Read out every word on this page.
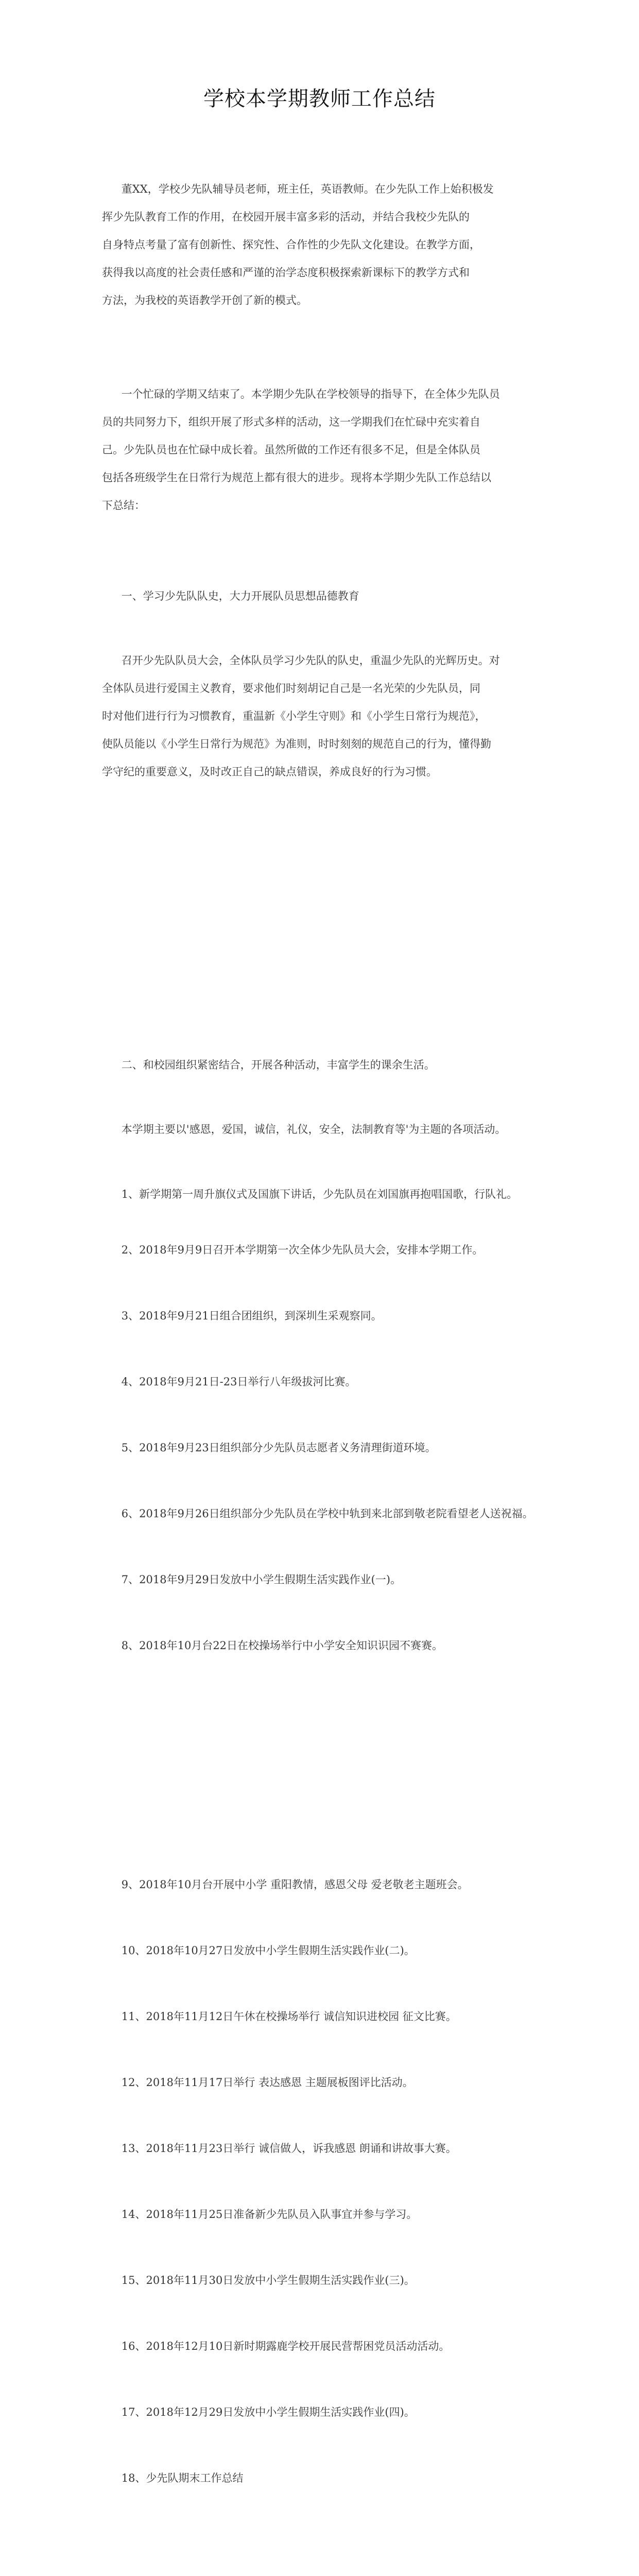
学校本学期教师工作总结
董XX，学校少先队辅导员老师，班主任，英语教师。在少先队工作上始积极发
挥少先队教育工作的作用，在校园开展丰富多彩的活动，并结合我校少先队的
自身特点考量了富有创新性、探究性、合作性的少先队文化建设。在教学方面，
获得我以高度的社会责任感和严谨的治学态度积极探索新课标下的教学方式和
方法，为我校的英语教学开创了新的模式。
一个忙碌的学期又结束了。本学期少先队在学校领导的指导下，在全体少先队员
员的共同努力下，组织开展了形式多样的活动，这一学期我们在忙碌中充实着自
己。少先队员也在忙碌中成长着。虽然所做的工作还有很多不足，但是全体队员
包括各班级学生在日常行为规范上都有很大的进步。现将本学期少先队工作总结以
下总结：
一、学习少先队队史，大力开展队员思想品德教育
召开少先队队员大会，全体队员学习少先队的队史，重温少先队的光辉历史。对
全体队员进行爱国主义教育，要求他们时刻胡记自己是一名光荣的少先队员，同
时对他们进行行为习惯教育，重温新《小学生守则》和《小学生日常行为规范》，
使队员能以《小学生日常行为规范》为准则，时时刻刻的规范自己的行为，懂得勤
学守纪的重要意义，及时改正自己的缺点错误，养成良好的行为习惯。
二、和校园组织紧密结合，开展各种活动，丰富学生的课余生活。
本学期主要以'感恩，爱国，诚信，礼仪，安全，法制教育等'为主题的各项活动。
1、新学期第一周升旗仪式及国旗下讲话，少先队员在刘国旗再抱唱国歌，行队礼。
2、2018年9月9日召开本学期第一次全体少先队员大会，安排本学期工作。
3、2018年9月21日组合团组织，到深圳生采观察同。
4、2018年9月21日-23日举行八年级拔河比赛。
5、2018年9月23日组织部分少先队员志愿者义务清理街道环境。
6、2018年9月26日组织部分少先队员在学校中轨到来北部到敬老院看望老人送祝福。
7、2018年9月29日发放中小学生假期生活实践作业(一)。
8、2018年10月台22日在校操场举行中小学安全知识识园不赛赛。
9、2018年10月台开展中小学 重阳教情，感恩父母 爱老敬老主题班会。
10、2018年10月27日发放中小学生假期生活实践作业(二)。
11、2018年11月12日午休在校操场举行 诚信知识进校园 征文比赛。
12、2018年11月17日举行 表达感恩 主题展板图评比活动。
13、2018年11月23日举行 诚信做人，诉我感恩 朗诵和讲故事大赛。
14、2018年11月25日准备新少先队员入队事宜并参与学习。
15、2018年11月30日发放中小学生假期生活实践作业(三)。
16、2018年12月10日新时期露鹿学校开展民营帮困党员活动活动。
17、2018年12月29日发放中小学生假期生活实践作业(四)。
18、少先队期末工作总结
